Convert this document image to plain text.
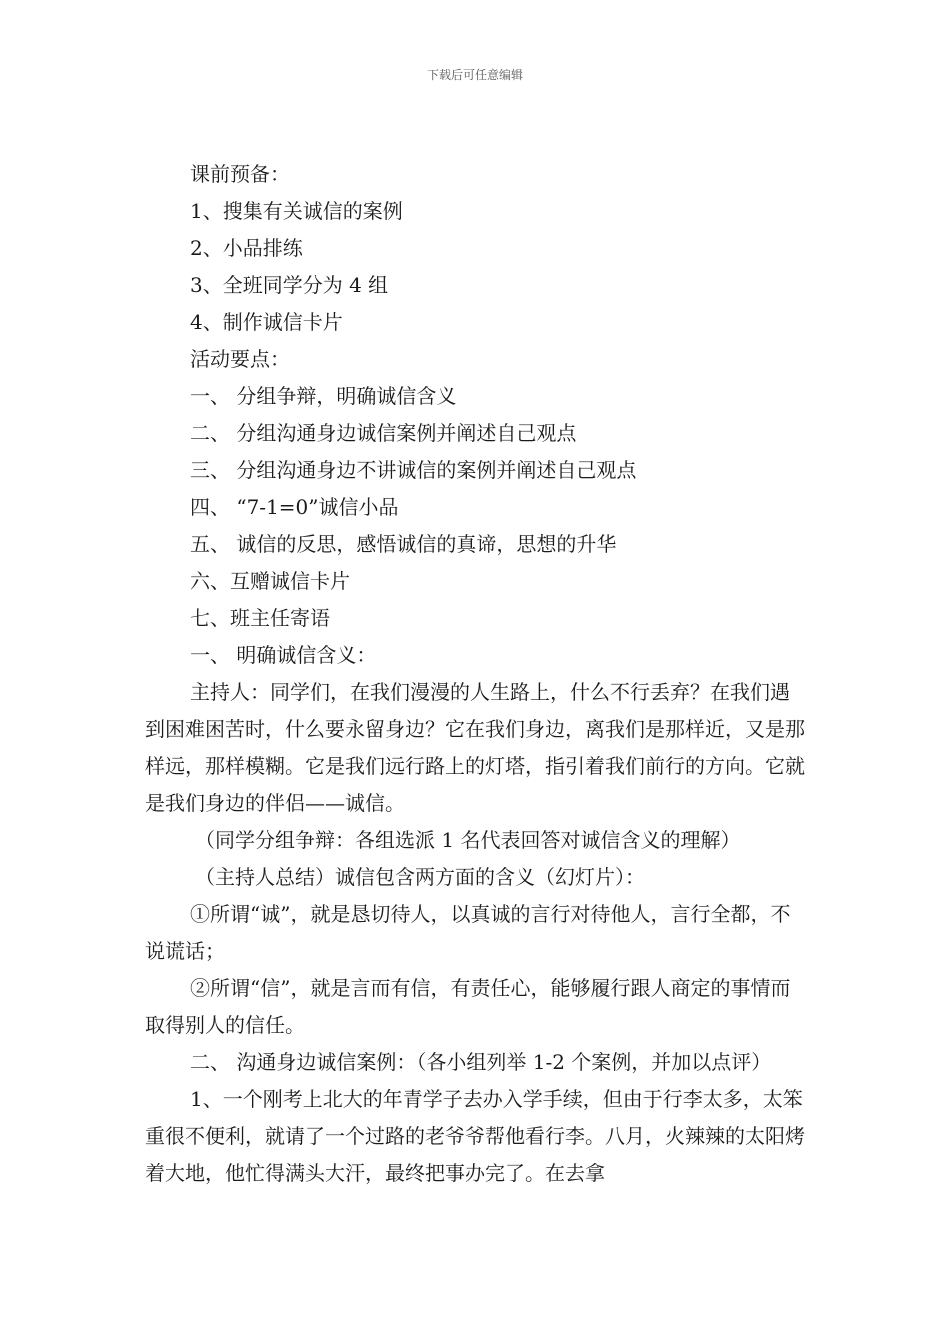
下载后可任意编辑

课前预备：

1、搜集有关诚信的案例

2、小品排练

3、全班同学分为 4 组

4、制作诚信卡片

活动要点：

一、 分组争辩，明确诚信含义

二、 分组沟通身边诚信案例并阐述自己观点

三、 分组沟通身边不讲诚信的案例并阐述自己观点

四、 “7-1=0”诚信小品

五、 诚信的反思，感悟诚信的真谛，思想的升华

六、互赠诚信卡片

七、班主任寄语

一、 明确诚信含义：

主持人：同学们，在我们漫漫的人生路上，什么不行丢弃？在我们遇到困难困苦时，什么要永留身边？它在我们身边，离我们是那样近，又是那样远，那样模糊。它是我们远行路上的灯塔，指引着我们前行的方向。它就是我们身边的伴侣——诚信。

（同学分组争辩：各组选派 1 名代表回答对诚信含义的理解）

（主持人总结）诚信包含两方面的含义（幻灯片）：

①所谓“诚”，就是恳切待人，以真诚的言行对待他人，言行全都，不说谎话；

②所谓“信”，就是言而有信，有责任心，能够履行跟人商定的事情而取得别人的信任。

二、 沟通身边诚信案例：（各小组列举 1-2 个案例，并加以点评）

1、一个刚考上北大的年青学子去办入学手续，但由于行李太多，太笨重很不便利，就请了一个过路的老爷爷帮他看行李。八月，火辣辣的太阳烤着大地，他忙得满头大汗，最终把事办完了。在去拿
